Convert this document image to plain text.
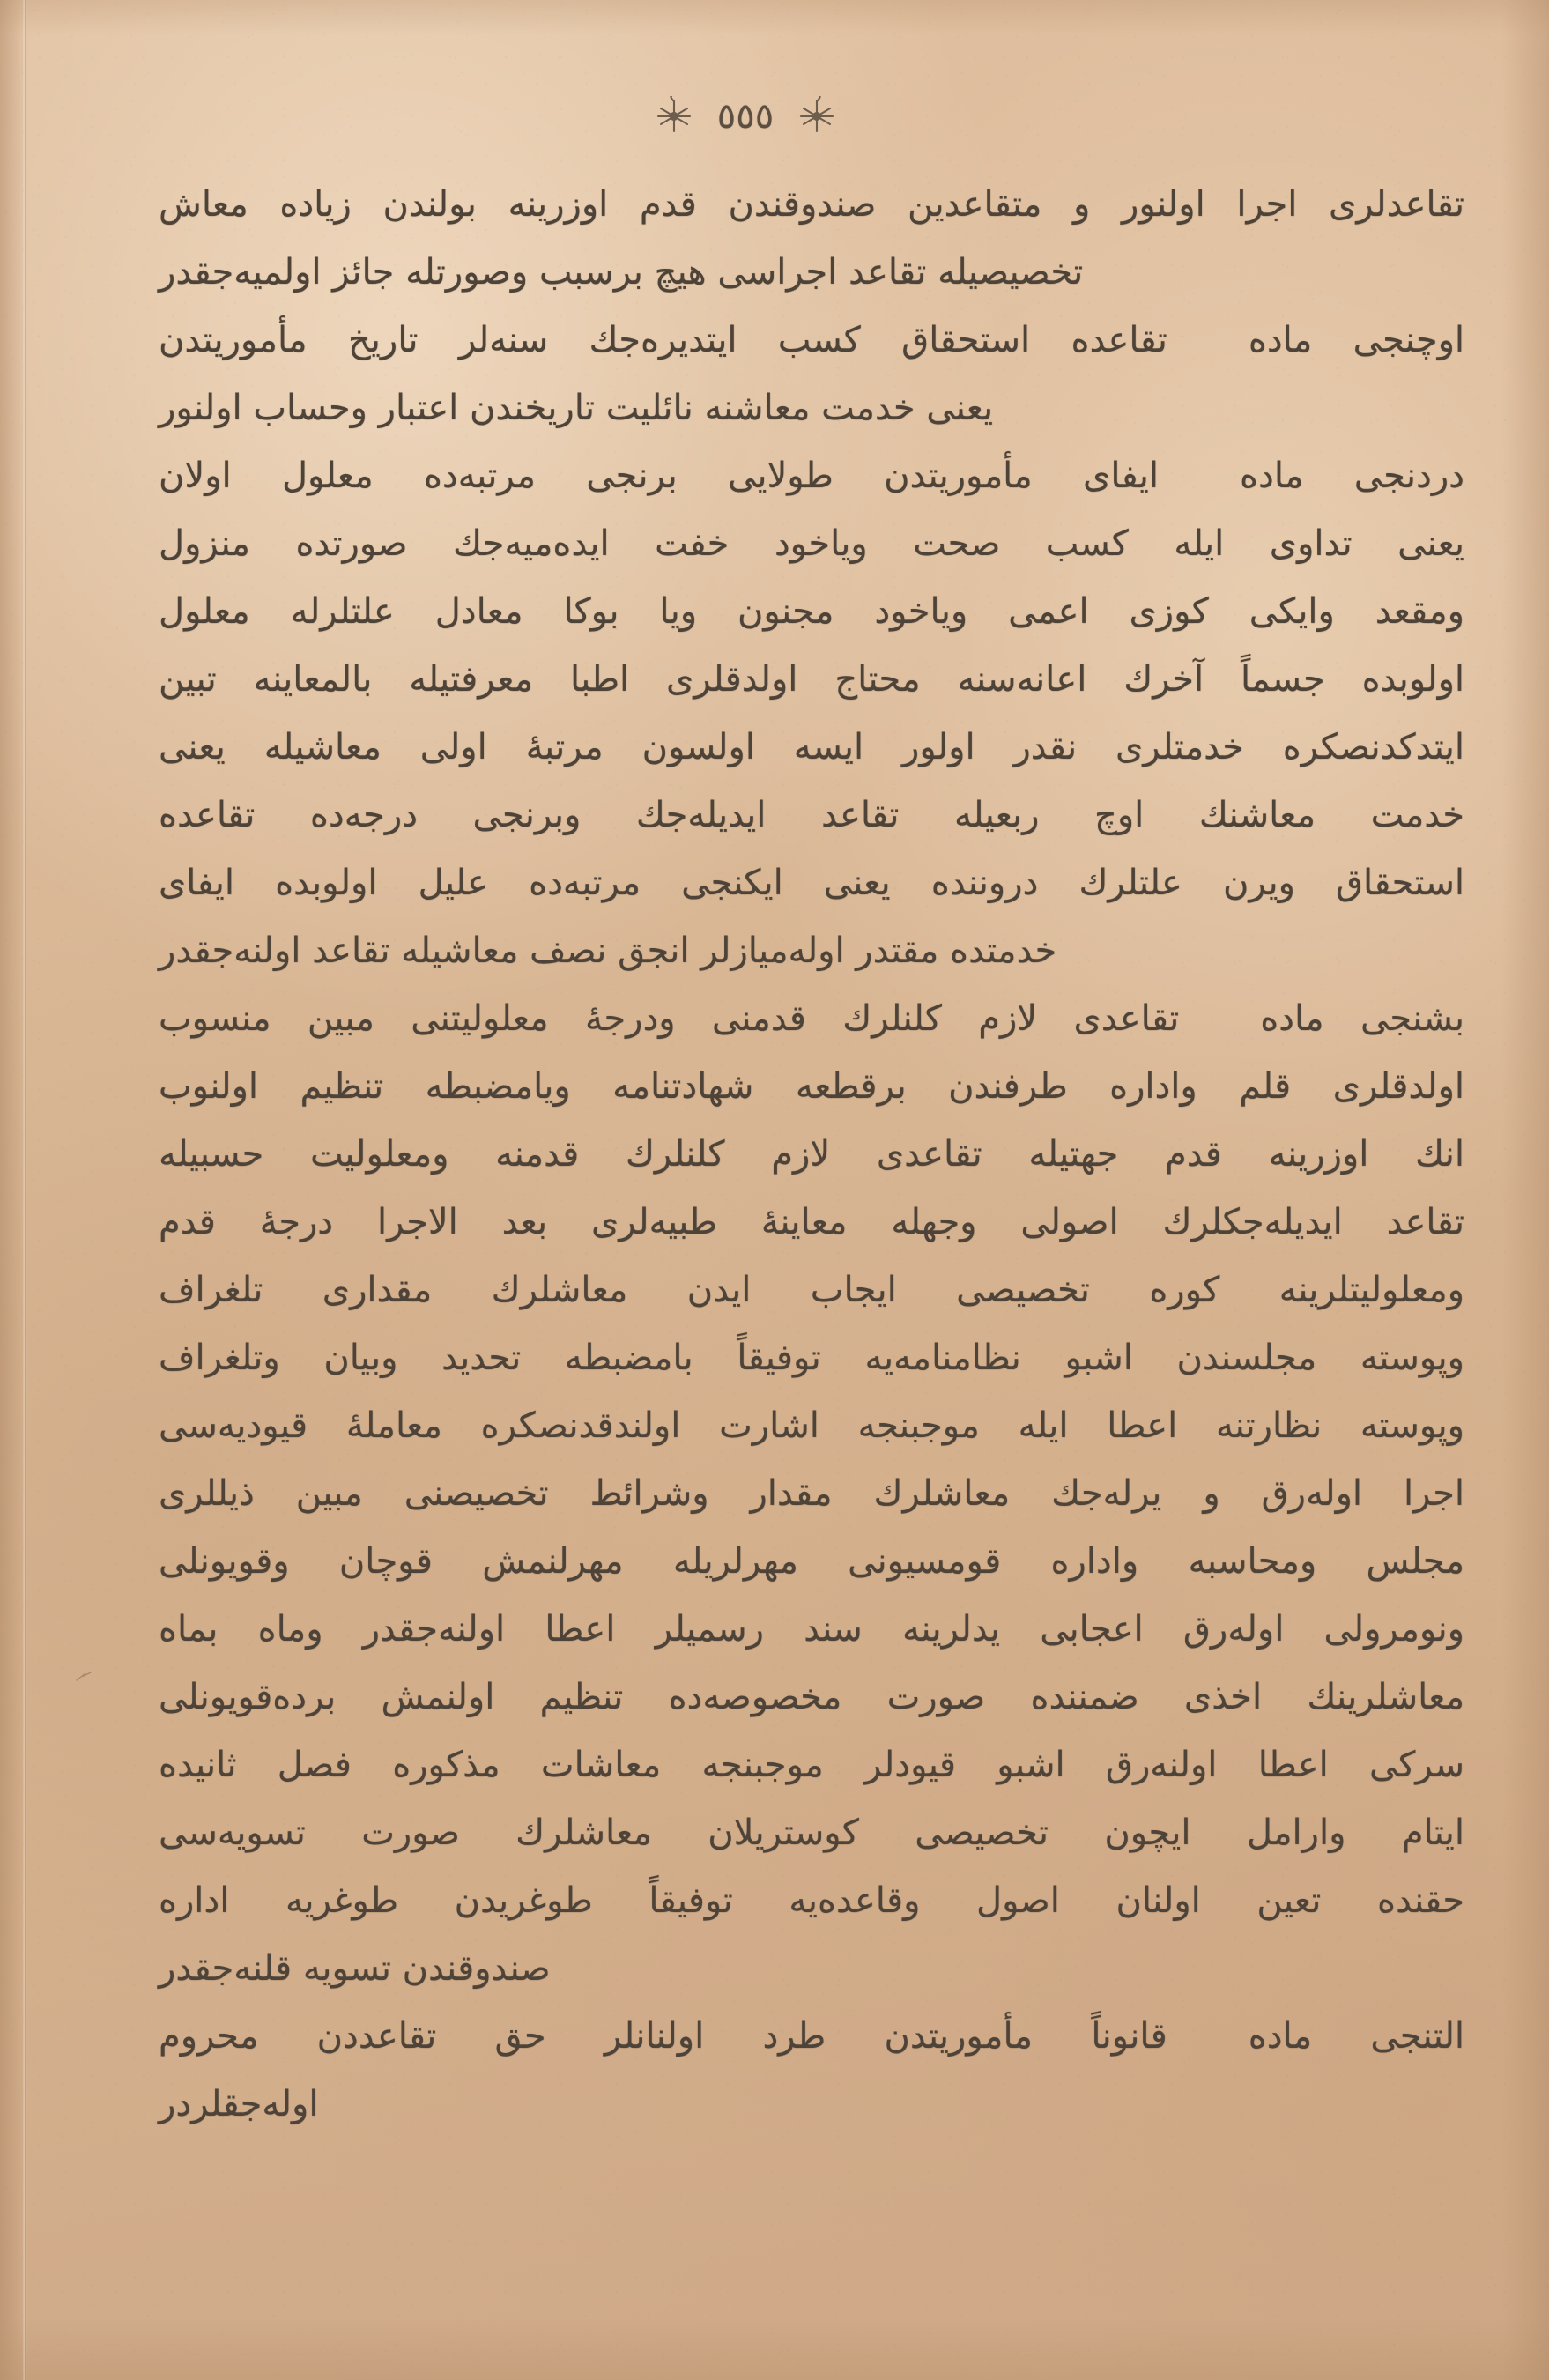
٥٥٥
تقاعدلری اجرا اولنور و متقاعدین صندوقندن قدم اوزرینه بولندن زیاده معاش
تخصیصیله تقاعد اجراسی هیچ برسبب وصورتله جائز اولمیه‌جقدر
اوچنجی مادهتقاعده استحقاق کسب ایتدیره‌جك سنه‌لر تاریخ مأموریتدن
یعنی خدمت معاشنه نائلیت تاریخندن اعتبار وحساب اولنور
دردنجی مادهایفای مأموریتدن طولایی برنجی مرتبه‌ده معلول اولان
یعنی تداوی ایله کسب صحت ویاخود خفت ایده‌میه‌جك صورتده منزول
ومقعد وایکی کوزی اعمی ویاخود مجنون ویا بوکا معادل علتلرله معلول
اولوبده جسماً آخرك اعانه‌سنه محتاج اولدقلری اطبا معرفتیله بالمعاینه تبین
ایتدکدنصکره خدمتلری نقدر اولور ایسه اولسون مرتبهٔ اولی معاشیله یعنی
خدمت معاشنك اوچ ربعیله تقاعد ایدیله‌جك وبرنجی درجه‌ده تقاعده
استحقاق ویرن علتلرك دروننده یعنی ایکنجی مرتبه‌ده علیل اولوبده ایفای
خدمتده مقتدر اوله‌میازلر انجق نصف معاشیله تقاعد اولنه‌جقدر
بشنجی مادهتقاعدی لازم كلنلرك قدمنی ودرجهٔ معلولیتنی مبین منسوب
اولدقلری قلم واداره طرفندن برقطعه شهادتنامه ویامضبطه تنظیم اولنوب
انك اوزرینه قدم جهتیله تقاعدی لازم كلنلرك قدمنه ومعلولیت حسبیله
تقاعد ایدیله‌جكلرك اصولی وجهله معاینهٔ طبیه‌لری بعد الاجرا درجهٔ قدم
ومعلولیتلرینه كوره تخصیصی ایجاب ایدن معاشلرك مقداری تلغراف
وپوسته مجلسندن اشبو نظامنامه‌یه توفیقاً بامضبطه تحدید وبیان وتلغراف
وپوسته نظارتنه اعطا ایله موجبنجه اشارت اولندقدنصکره معاملهٔ قیودیه‌سی
اجرا اولەرق و یرله‌جك معاشلرك مقدار وشرائط تخصیصنی مبین ذیللری
مجلس ومحاسبه واداره قومسیونی مهرلریله مهرلنمش قوچان وقویونلی
ونومرولی اولەرق اعجابی یدلرینه سند رسمیلر اعطا اولنه‌جقدر وماه بماه
معاشلرینك اخذی ضمننده صورت مخصوصه‌ده تنظیم اولنمش برده‌قویونلی
سرکی اعطا اولنەرق اشبو قیودلر موجبنجه معاشات مذکوره فصل ثانیده
ایتام وارامل ایچون تخصیصی كوستریلان معاشلرك صورت تسویه‌سی
حقنده تعین اولنان اصول وقاعده‌یه توفیقاً طوغریدن طوغریه اداره
صندوقندن تسویه قلنه‌جقدر
التنجی مادهقانوناً مأموریتدن طرد اولنانلر حق تقاعددن محروم
اوله‌جقلردر
